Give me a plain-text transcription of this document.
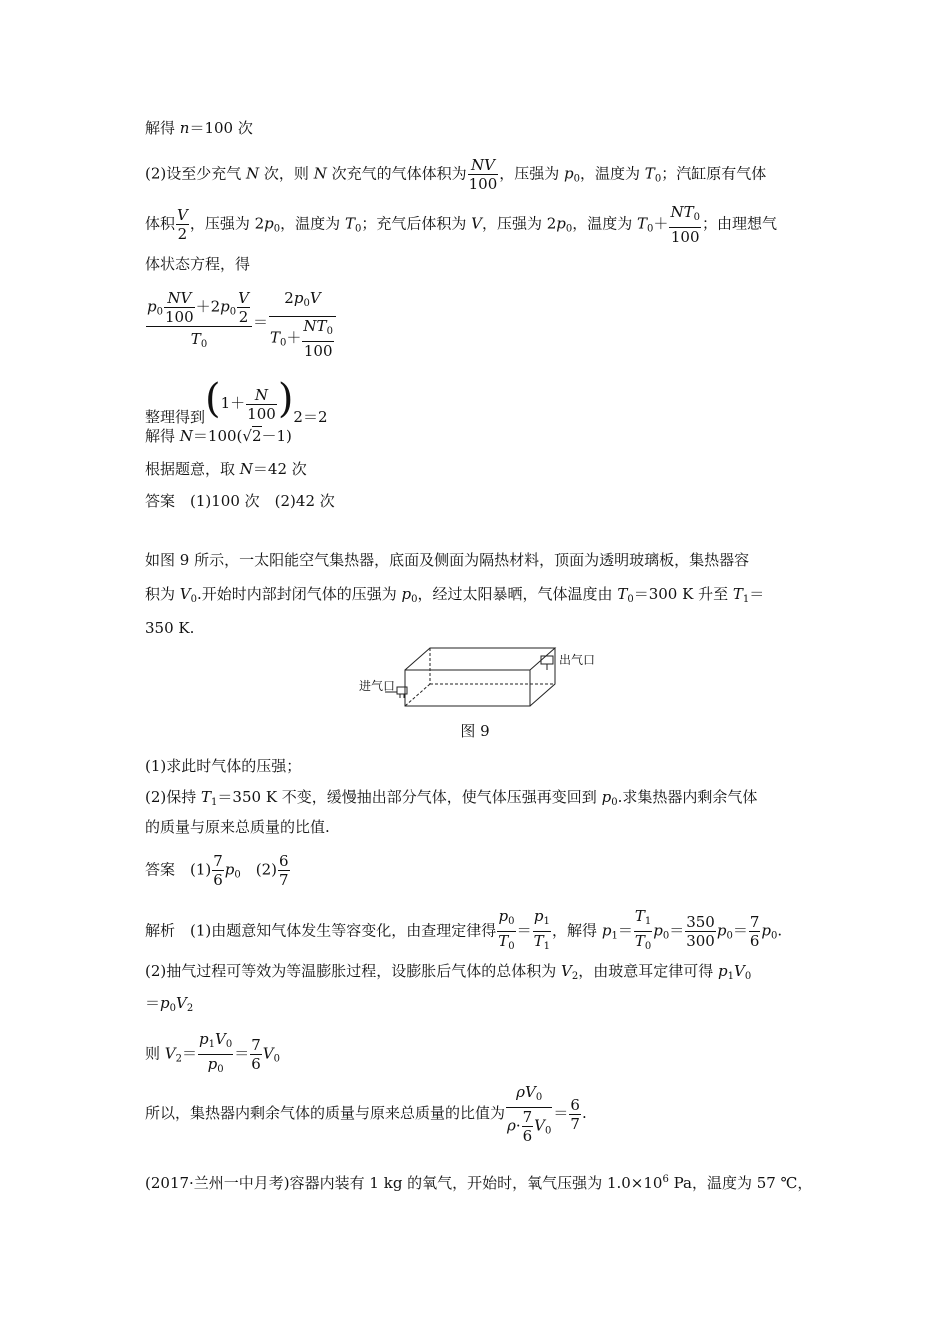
解得 n＝100 次
(2)设至少充气 N 次，则 N 次充气的气体体积为 $\frac{NV}{100}$ ，压强为 $p_0$，温度为 $T_0$；汽缸原有气体
体积 $\frac{V}{2}$ ，压强为 $2p_0$，温度为 $T_0$；充气后体积为 V，压强为 $2p_0$，温度为 $T_0+ \frac{NT_0}{100}$ ；由理想气
体状态方程，得
$\frac{p_0 \frac{NV}{100} +2p_0 \frac{V}{2}}{T_0} = \frac{2p_0V}{T_0+ \frac{NT_0}{100}}$
整理得到$(1+ \frac{N}{100} )2=2$
解得 N＝100(√2－1)
根据题意，取 N＝42 次
答案　(1)100 次　(2)42 次
如图 9 所示，一太阳能空气集热器，底面及侧面为隔热材料，顶面为透明玻璃板，集热器容
积为 $V_0$.开始时内部封闭气体的压强为 $p_0$，经过太阳暴晒，气体温度由 $T_0=300$ K 升至 $T_1=$
350 K.
出气口
进气口
图 9
(1)求此时气体的压强；
(2)保持 $T_1=350$ K 不变，缓慢抽出部分气体，使气体压强再变回到 $p_0$.求集热器内剩余气体
的质量与原来总质量的比值.
答案　$(1) \frac{7}{6} p_0$　$(2) \frac{6}{7}$
解析　(1)由题意知气体发生等容变化，由查理定律得 $\frac{p_0}{T_0} = \frac{p_1}{T_1}$ ，解得 $p_1= \frac{T_1}{T_0} p_0= \frac{350}{300} p_0= \frac{7}{6} p_0$.
(2)抽气过程可等效为等温膨胀过程，设膨胀后气体的总体积为 $V_2$，由玻意耳定律可得 $p_1V_0$
$=p_0V_2$
则 $V_2= \frac{p_1V_0}{p_0} = \frac{7}{6} V_0$
所以，集热器内剩余气体的质量与原来总质量的比值为 $\frac{\rho V_0}{\rho\cdot \frac{7}{6} V_0} = \frac{6}{7}$ .
(2017·兰州一中月考)容器内装有 1 kg 的氧气，开始时，氧气压强为 $1.0\times 10^6$ Pa，温度为 57 ℃，
